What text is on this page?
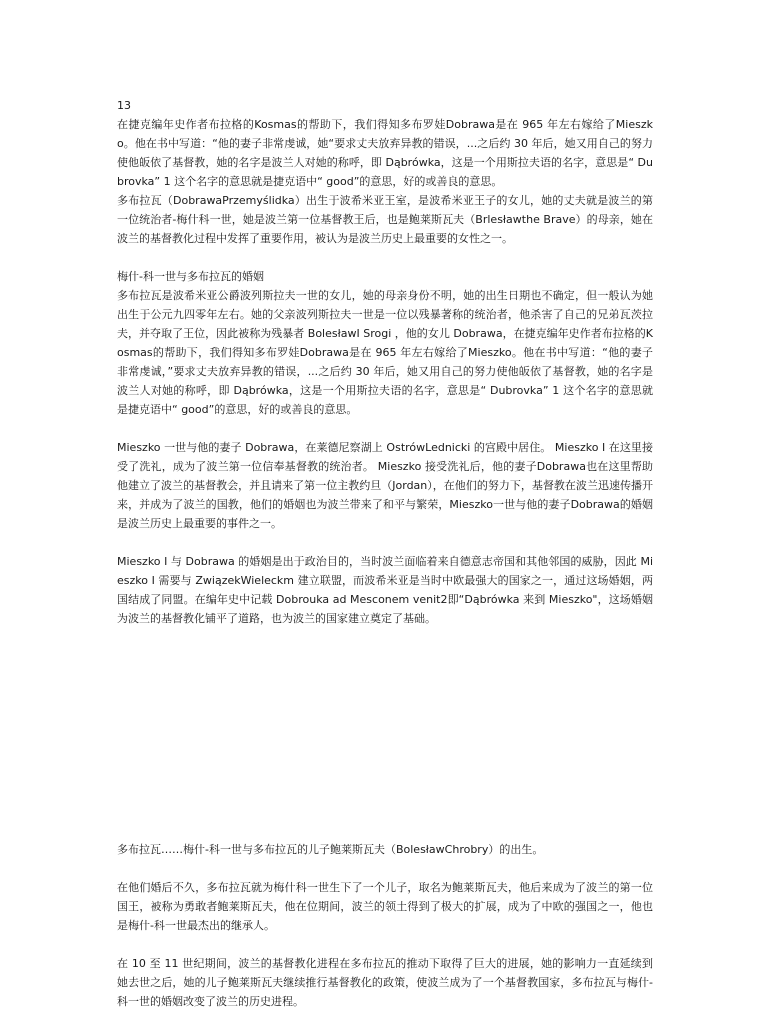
13

在捷克编年史作者布拉格的Kosmas的帮助下，我们得知多布罗娃Dobrawa是在 965 年左右嫁给了Mieszko。他在书中写道：“他的妻子非常虔诚，她“要求丈夫放弃异教的错误，...之后约 30 年后，她又用自己的努力使他皈依了基督教，她的名字是波兰人对她的称呼，即 Dąbrówka，这是一个用斯拉夫语的名字，意思是“ Dubrovka” 1 这个名字的意思就是捷克语中“ good”的意思，好的或善良的意思。

多布拉瓦（DobrawaPrzemyślidka）出生于波希米亚王室，是波希米亚王子的女儿，她的丈夫就是波兰的第一位统治者-梅什科一世，她是波兰第一位基督教王后，也是鲍莱斯瓦夫（Brlesławthe Brave）的母亲，她在波兰的基督教化过程中发挥了重要作用，被认为是波兰历史上最重要的女性之一。

梅什-科一世与多布拉瓦的婚姻

多布拉瓦是波希米亚公爵波列斯拉夫一世的女儿，她的母亲身份不明，她的出生日期也不确定，但一般认为她出生于公元九四零年左右。她的父亲波列斯拉夫一世是一位以残暴著称的统治者，他杀害了自己的兄弟瓦茨拉夫，并夺取了王位，因此被称为残暴者 BolesławI Srogi ，他的女儿 Dobrawa，在捷克编年史作者布拉格的Kosmas的帮助下，我们得知多布罗娃Dobrawa是在 965 年左右嫁给了Mieszko。他在书中写道：“他的妻子非常虔诚，”要求丈夫放弃异教的错误，...之后约 30 年后，她又用自己的努力使他皈依了基督教，她的名字是波兰人对她的称呼，即 Dąbrówka，这是一个用斯拉夫语的名字，意思是“ Dubrovka” 1 这个名字的意思就是捷克语中“ good”的意思，好的或善良的意思。

Mieszko 一世与他的妻子 Dobrawa，在莱德尼察湖上 OstrówLednicki 的宫殿中居住。 Mieszko I 在这里接受了洗礼，成为了波兰第一位信奉基督教的统治者。 Mieszko 接受洗礼后，他的妻子Dobrawa也在这里帮助他建立了波兰的基督教会，并且请来了第一位主教约旦（Jordan），在他们的努力下，基督教在波兰迅速传播开来，并成为了波兰的国教，他们的婚姻也为波兰带来了和平与繁荣，Mieszko一世与他的妻子Dobrawa的婚姻是波兰历史上最重要的事件之一。

Mieszko I 与 Dobrawa 的婚姻是出于政治目的，当时波兰面临着来自德意志帝国和其他邻国的威胁，因此 Mieszko I 需要与 ZwiązekWieleckm 建立联盟，而波希米亚是当时中欧最强大的国家之一，通过这场婚姻，两国结成了同盟。在编年史中记载 Dobrouka ad Mesconem venit2即“Dąbrówka 来到 Mieszko"，这场婚姻为波兰的基督教化铺平了道路，也为波兰的国家建立奠定了基础。

多布拉瓦……梅什-科一世与多布拉瓦的儿子鲍莱斯瓦夫（BolesławChrobry）的出生。

在他们婚后不久，多布拉瓦就为梅什科一世生下了一个儿子，取名为鲍莱斯瓦夫，他后来成为了波兰的第一位国王，被称为勇敢者鲍莱斯瓦夫，他在位期间，波兰的领土得到了极大的扩展，成为了中欧的强国之一，他也是梅什-科一世最杰出的继承人。

在 10 至 11 世纪期间，波兰的基督教化进程在多布拉瓦的推动下取得了巨大的进展，她的影响力一直延续到她去世之后，她的儿子鲍莱斯瓦夫继续推行基督教化的政策，使波兰成为了一个基督教国家，多布拉瓦与梅什-科一世的婚姻改变了波兰的历史进程。
